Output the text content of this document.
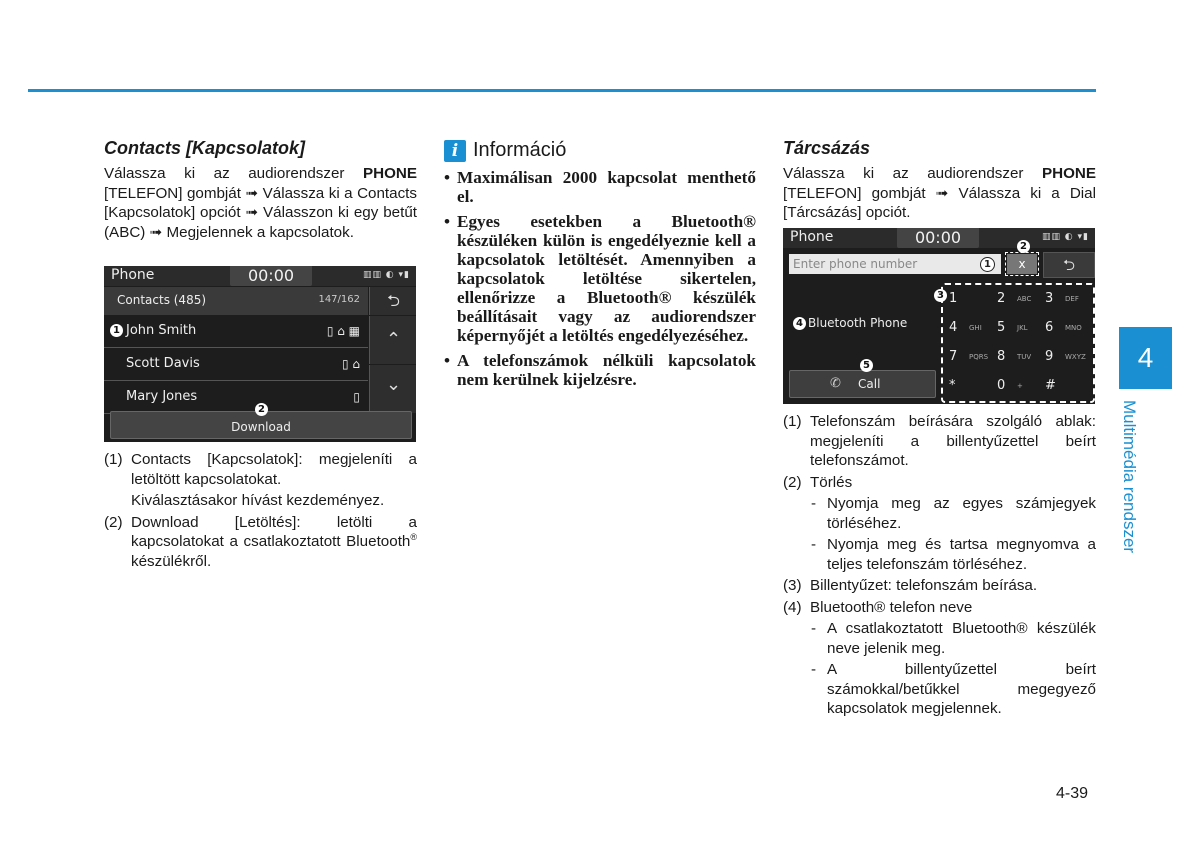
Contacts [Kapcsolatok]

Válassza ki az audiorendszer PHONE [TELEFON] gombját ➟ Válassza ki a Contacts [Kapcsolatok] opciót ➟ Válasszon ki egy betűt (ABC) ➟ Megjelennek a kapcsolatok.

Phone	00:00	▥▥ ◐ ▾▮
Contacts (485)	147/162	⮌
1 John Smith	▯ ⌂ ▦
Scott Davis	▯ ⌂
Mary Jones	▯
⌃
⌄
2
Download
(1) Contacts [Kapcsolatok]: megjeleníti a letöltött kapcsolatokat.
Kiválasztásakor hívást kezdeményez.
(2) Download [Letöltés]: letölti a kapcsolatokat a csatlakoztatott Bluetooth® készülékről.
i Információ
• Maximálisan 2000 kapcsolat menthető el.
• Egyes esetekben a Bluetooth® készüléken külön is engedélyeznie kell a kapcsolatok letöltését. Amennyiben a kapcsolatok letöltése sikertelen, ellenőrizze a Bluetooth® készülék beállításait vagy az audiorendszer képernyőjét a letöltés engedélyezéséhez.
• A telefonszámok nélküli kapcsolatok nem kerülnek kijelzésre.
Tárcsázás

Válassza ki az audiorendszer PHONE [TELEFON] gombját ➟ Válassza ki a Dial [Tárcsázás] opciót.

Phone	00:00	▥▥ ◐ ▾▮
Enter phone number	1	x
2
⮌
4 Bluetooth Phone
✆ Call
5
3 1	2 ABC 3 DEF
4 GHI 5 JKL 6 MNO
7 PQRS 8 TUV 9 WXYZ
*	0 + #
(1) Telefonszám beírására szolgáló ablak: megjeleníti a billentyűzettel beírt telefonszámot.
(2) Törlés
- Nyomja meg az egyes számjegyek törléséhez.
- Nyomja meg és tartsa megnyomva a teljes telefonszám törléséhez.
(3) Billentyűzet: telefonszám beírása.
(4) Bluetooth® telefon neve
- A csatlakoztatott Bluetooth® készülék neve jelenik meg.
- A billentyűzettel beírt számokkal/betűkkel megegyező kapcsolatok megjelennek.
4
Multimédia rendszer
4-39
